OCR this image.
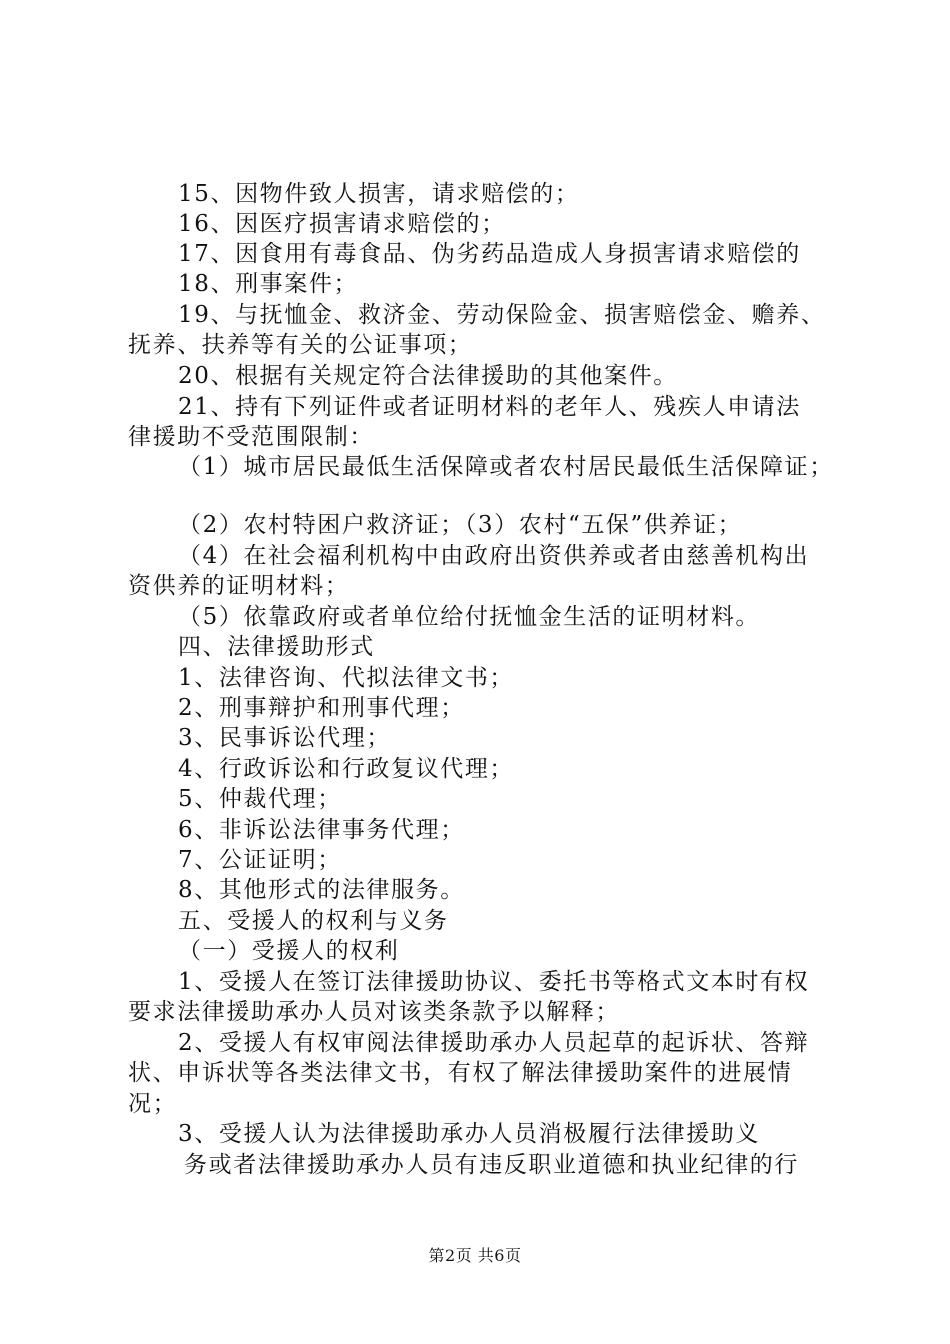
15、因物件致人损害，请求赔偿的；
16、因医疗损害请求赔偿的；
17、因食用有毒食品、伪劣药品造成人身损害请求赔偿的
18、刑事案件；
19、与抚恤金、救济金、劳动保险金、损害赔偿金、赡养、
抚养、扶养等有关的公证事项；
20、根据有关规定符合法律援助的其他案件。
21、持有下列证件或者证明材料的老年人、残疾人申请法
律援助不受范围限制：
（1）城市居民最低生活保障或者农村居民最低生活保障证；
（2）农村特困户救济证；（3）农村“五保”供养证；
（4）在社会福利机构中由政府出资供养或者由慈善机构出
资供养的证明材料；
（5）依靠政府或者单位给付抚恤金生活的证明材料。
四、法律援助形式
1、法律咨询、代拟法律文书；
2、刑事辩护和刑事代理；
3、民事诉讼代理；
4、行政诉讼和行政复议代理；
5、仲裁代理；
6、非诉讼法律事务代理；
7、公证证明；
8、其他形式的法律服务。
五、受援人的权利与义务
（一）受援人的权利
1、受援人在签订法律援助协议、委托书等格式文本时有权
要求法律援助承办人员对该类条款予以解释；
2、受援人有权审阅法律援助承办人员起草的起诉状、答辩
状、申诉状等各类法律文书，有权了解法律援助案件的进展情
况；
3、受援人认为法律援助承办人员消极履行法律援助义
务或者法律援助承办人员有违反职业道德和执业纪律的行
第2页 共6页
